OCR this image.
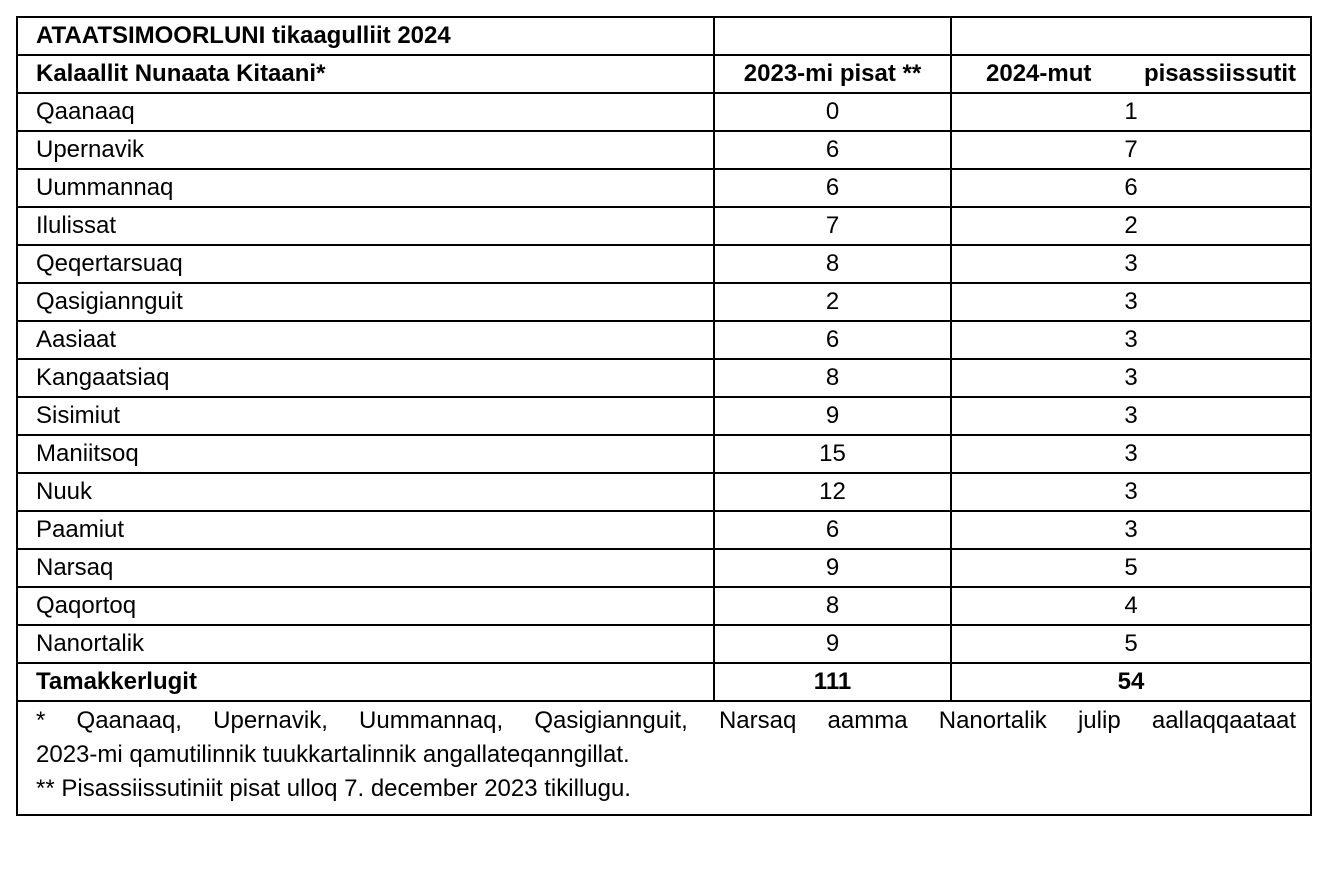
ATAATSIMOORLUNI tikaagulliit 2024		
Kalaallit Nunaata Kitaani*	2023-mi pisat **	2024-mut pisassiissutit

Qaanaaq	0	1
Upernavik	6	7
Uummannaq	6	6
Ilulissat	7	2
Qeqertarsuaq	8	3
Qasigiannguit	2	3
Aasiaat	6	3
Kangaatsiaq	8	3
Sisimiut	9	3
Maniitsoq	15	3
Nuuk	12	3
Paamiut	6	3
Narsaq	9	5
Qaqortoq	8	4
Nanortalik	9	5
Tamakkerlugit	111	54

* Qaanaaq, Upernavik, Uummannaq, Qasigiannguit, Narsaq aamma Nanortalik julip aallaqqaataat
2023-mi qamutilinnik tuukkartalinnik angallateqanngillat.
** Pisassiissutiniit pisat ulloq 7. december 2023 tikillugu.		
